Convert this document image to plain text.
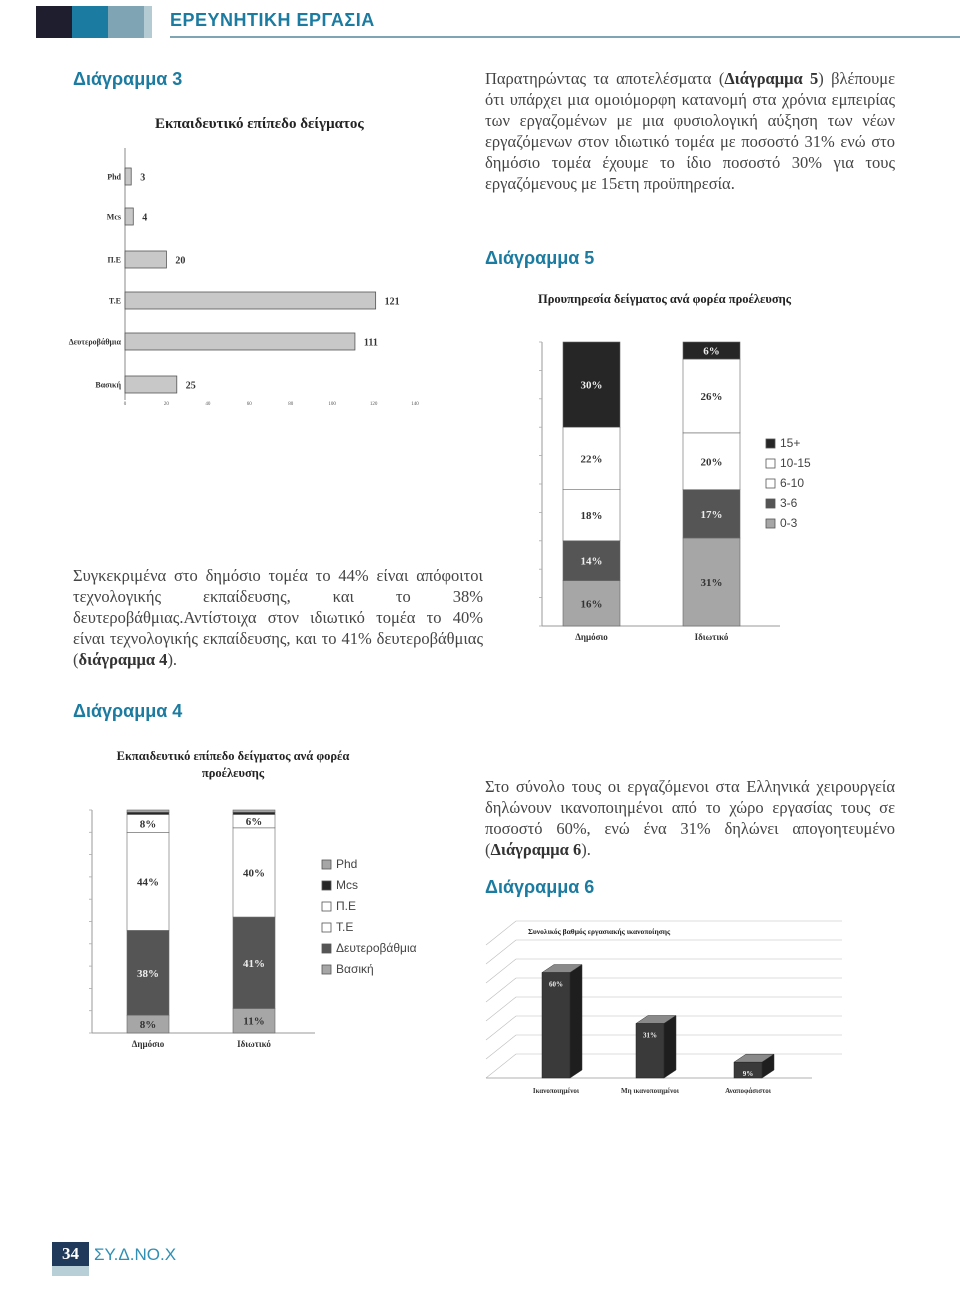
ΕΡΕΥΝΗΤΙΚΗ ΕΡΓΑΣΙΑ
Διάγραμμα 3
Διάγραμμα 5
Διάγραμμα 4
Διάγραμμα 6
Παρατηρώντας τα αποτελέσματα (Διάγραμμα 5) βλέπουμε ότι υπάρχει μια ομοιόμορφη κατανομή στα χρόνια εμπειρίας των εργαζομένων με μια φυσιολογική αύξηση των νέων εργαζόμενων στον ιδιωτικό τομέα με ποσοστό 31% ενώ στο δημόσιο τομέα έχουμε το ίδιο ποσοστό 30% για τους εργαζόμενους με 15ετη προϋπηρεσία.
Συγκεκριμένα στο δημόσιο τομέα το 44% είναι απόφοιτοι τεχνολογικής εκπαίδευσης, και το 38% δευτεροβάθμιας.Αντίστοιχα στον ιδιωτικό τομέα το 40% είναι τεχνολογικής εκπαίδευσης, και το 41% δευτεροβάθμιας (διάγραμμα 4).
Στο σύνολο τους οι εργαζόμενοι στα Ελληνικά χειρουργεία δηλώνουν ικανοποιημένοι από το χώρο εργασίας τους σε ποσοστό 60%, ενώ ένα 31% δηλώνει απογοητευμένο (Διάγραμμα 6).
Εκπαιδευτικό επίπεδο δείγματος
Phd 3
Mcs 4
Π.Ε	20
Τ.Ε	121
Δευτεροβάθμια	111
Βασική	25
0	20	40	60	80	100	120	140
Προυπηρεσία δείγματος ανά φορέα προέλευσης
16%
14%
18%
22%
30%
Δημόσιο
31%
17%
20%
26%
6%
Ιδιωτικό
15+
10-15
6-10
3-6
0-3
Εκπαιδευτικό επίπεδο δείγματος ανά φορέα
προέλευσης
8%
38%
44%
8%
Δημόσιο
11%
41%
40%
6%
Ιδιωτικό
Phd
Mcs
Π.Ε
Τ.Ε
Δευτεροβάθμια
Βασική
Συνολικός βαθμός εργασιακής ικανοποίησης
60%
Ικανοποιημένοι
31%
Μη ικανοποιημένοι
9%
Αναποφάσιστοι
34 ΣΥ.Δ.ΝΟ.Χ
